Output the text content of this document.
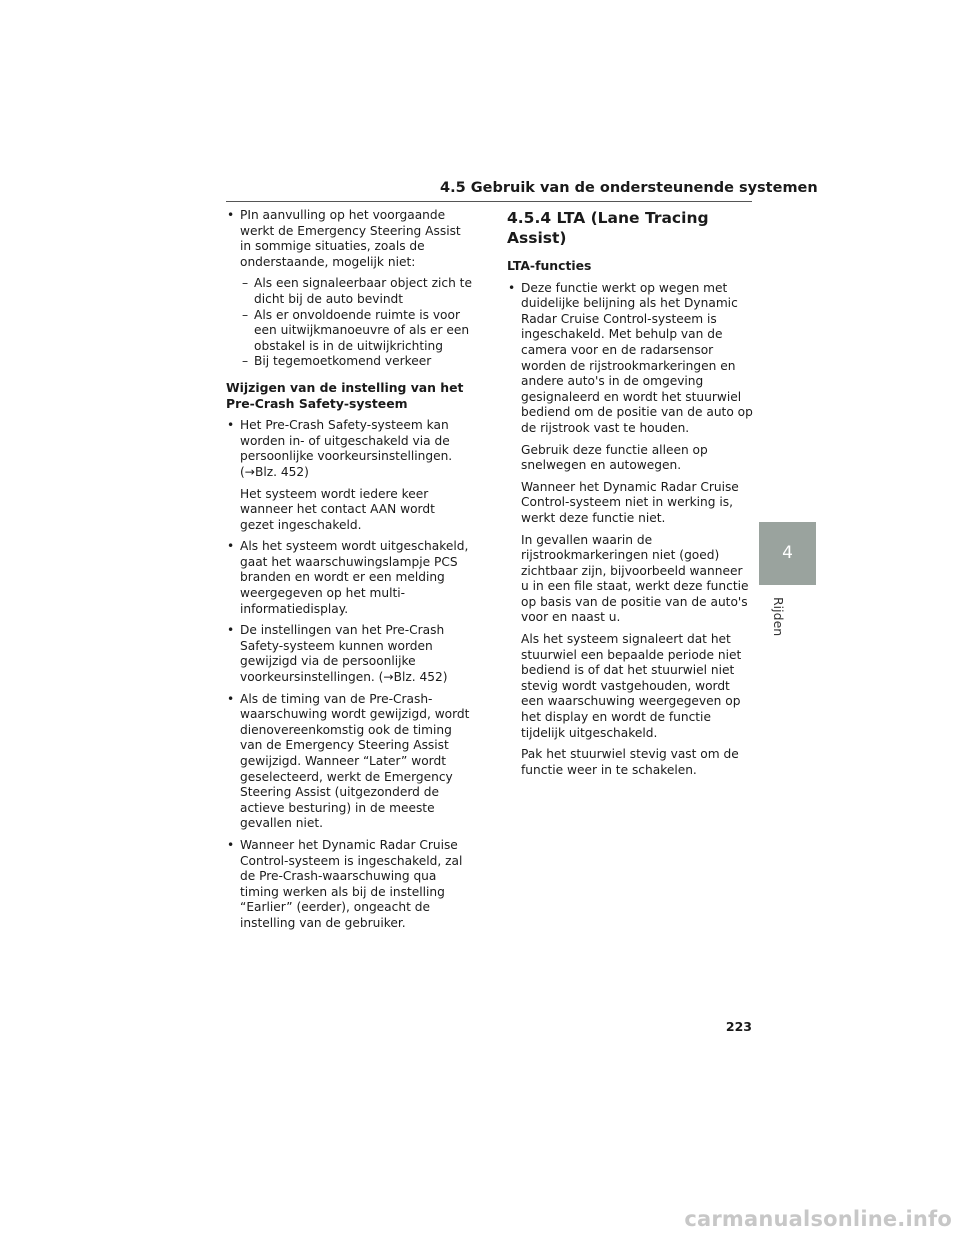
4.5 Gebruik van de ondersteunende systemen
4
Rijden

• PIn aanvulling op het voorgaande werkt de Emergency Steering Assist in sommige situaties, zoals de onderstaande, mogelijk niet:

– Als een signaleerbaar object zich te dicht bij de auto bevindt

– Als er onvoldoende ruimte is voor een uitwijkmanoeuvre of als er een obstakel is in de uitwijkrichting

– Bij tegemoetkomend verkeer

Wijzigen van de instelling van het Pre-Crash Safety-systeem

• Het Pre-Crash Safety-systeem kan worden in- of uitgeschakeld via de persoonlijke voorkeursinstellingen. (→Blz. 452)

Het systeem wordt iedere keer wanneer het contact AAN wordt gezet ingeschakeld.

• Als het systeem wordt uitgeschakeld, gaat het waarschuwingslampje PCS branden en wordt er een melding weergegeven op het multi-informatiedisplay.

• De instellingen van het Pre-Crash Safety-systeem kunnen worden gewijzigd via de persoonlijke voorkeursinstellingen. (→Blz. 452)

• Als de timing van de Pre-Crash-waarschuwing wordt gewijzigd, wordt dienovereenkomstig ook de timing van de Emergency Steering Assist gewijzigd. Wanneer “Later” wordt geselecteerd, werkt de Emergency Steering Assist (uitgezonderd de actieve besturing) in de meeste gevallen niet.

• Wanneer het Dynamic Radar Cruise Control-systeem is ingeschakeld, zal de Pre-Crash-waarschuwing qua timing werken als bij de instelling “Earlier” (eerder), ongeacht de instelling van de gebruiker.

4.5.4 LTA (Lane Tracing Assist)

LTA-functies

• Deze functie werkt op wegen met duidelijke belijning als het Dynamic Radar Cruise Control-systeem is ingeschakeld. Met behulp van de camera voor en de radarsensor worden de rijstrookmarkeringen en andere auto's in de omgeving gesignaleerd en wordt het stuurwiel bediend om de positie van de auto op de rijstrook vast te houden.

Gebruik deze functie alleen op snelwegen en autowegen.

Wanneer het Dynamic Radar Cruise Control-systeem niet in werking is, werkt deze functie niet.

In gevallen waarin de rijstrookmarkeringen niet (goed) zichtbaar zijn, bijvoorbeeld wanneer u in een file staat, werkt deze functie op basis van de positie van de auto's voor en naast u.

Als het systeem signaleert dat het stuurwiel een bepaalde periode niet bediend is of dat het stuurwiel niet stevig wordt vastgehouden, wordt een waarschuwing weergegeven op het display en wordt de functie tijdelijk uitgeschakeld.

Pak het stuurwiel stevig vast om de functie weer in te schakelen.

223
carmanualsonline.info
